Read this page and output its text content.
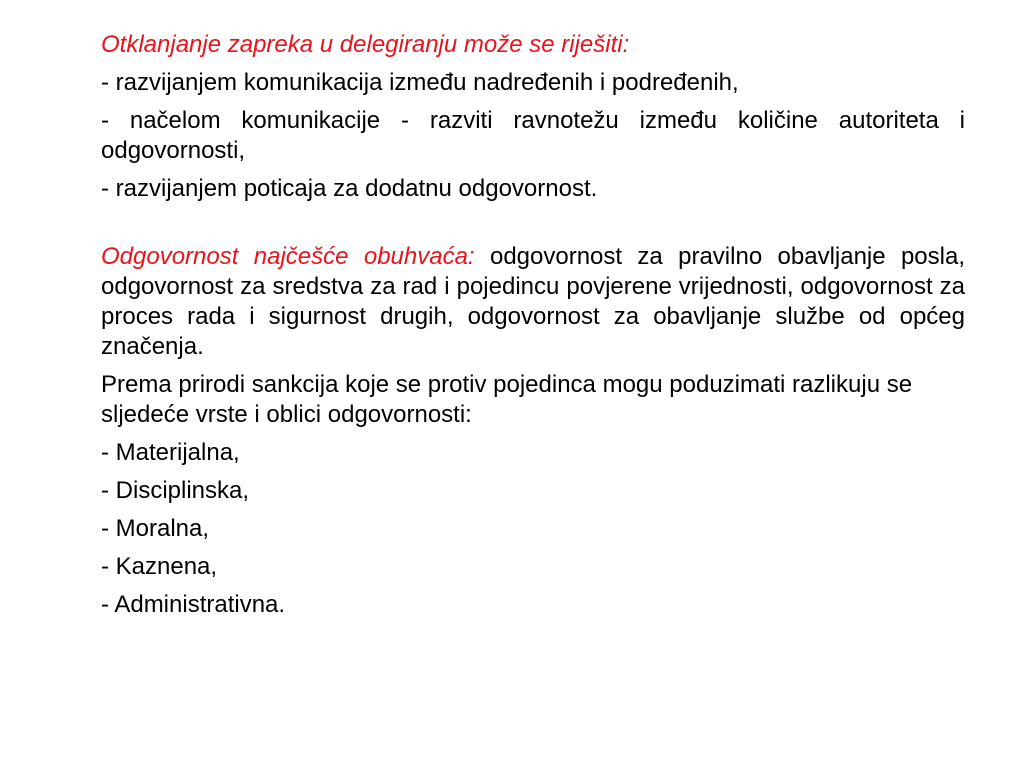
Otklanjanje zapreka u delegiranju može se riješiti:

- razvijanjem komunikacija između nadređenih i podređenih,

- načelom komunikacije - razviti ravnotežu između količine autoriteta i odgovornosti,

- razvijanjem poticaja za dodatnu odgovornost.

Odgovornost najčešće obuhvaća: odgovornost za pravilno obavljanje posla, odgovornost za sredstva za rad i pojedincu povjerene vrijednosti, odgovornost za proces rada i sigurnost drugih, odgovornost za obavljanje službe od općeg značenja.

Prema prirodi sankcija koje se protiv pojedinca mogu poduzimati razlikuju se sljedeće vrste i oblici odgovornosti:

- Materijalna,

- Disciplinska,

- Moralna,

- Kaznena,

- Administrativna.
